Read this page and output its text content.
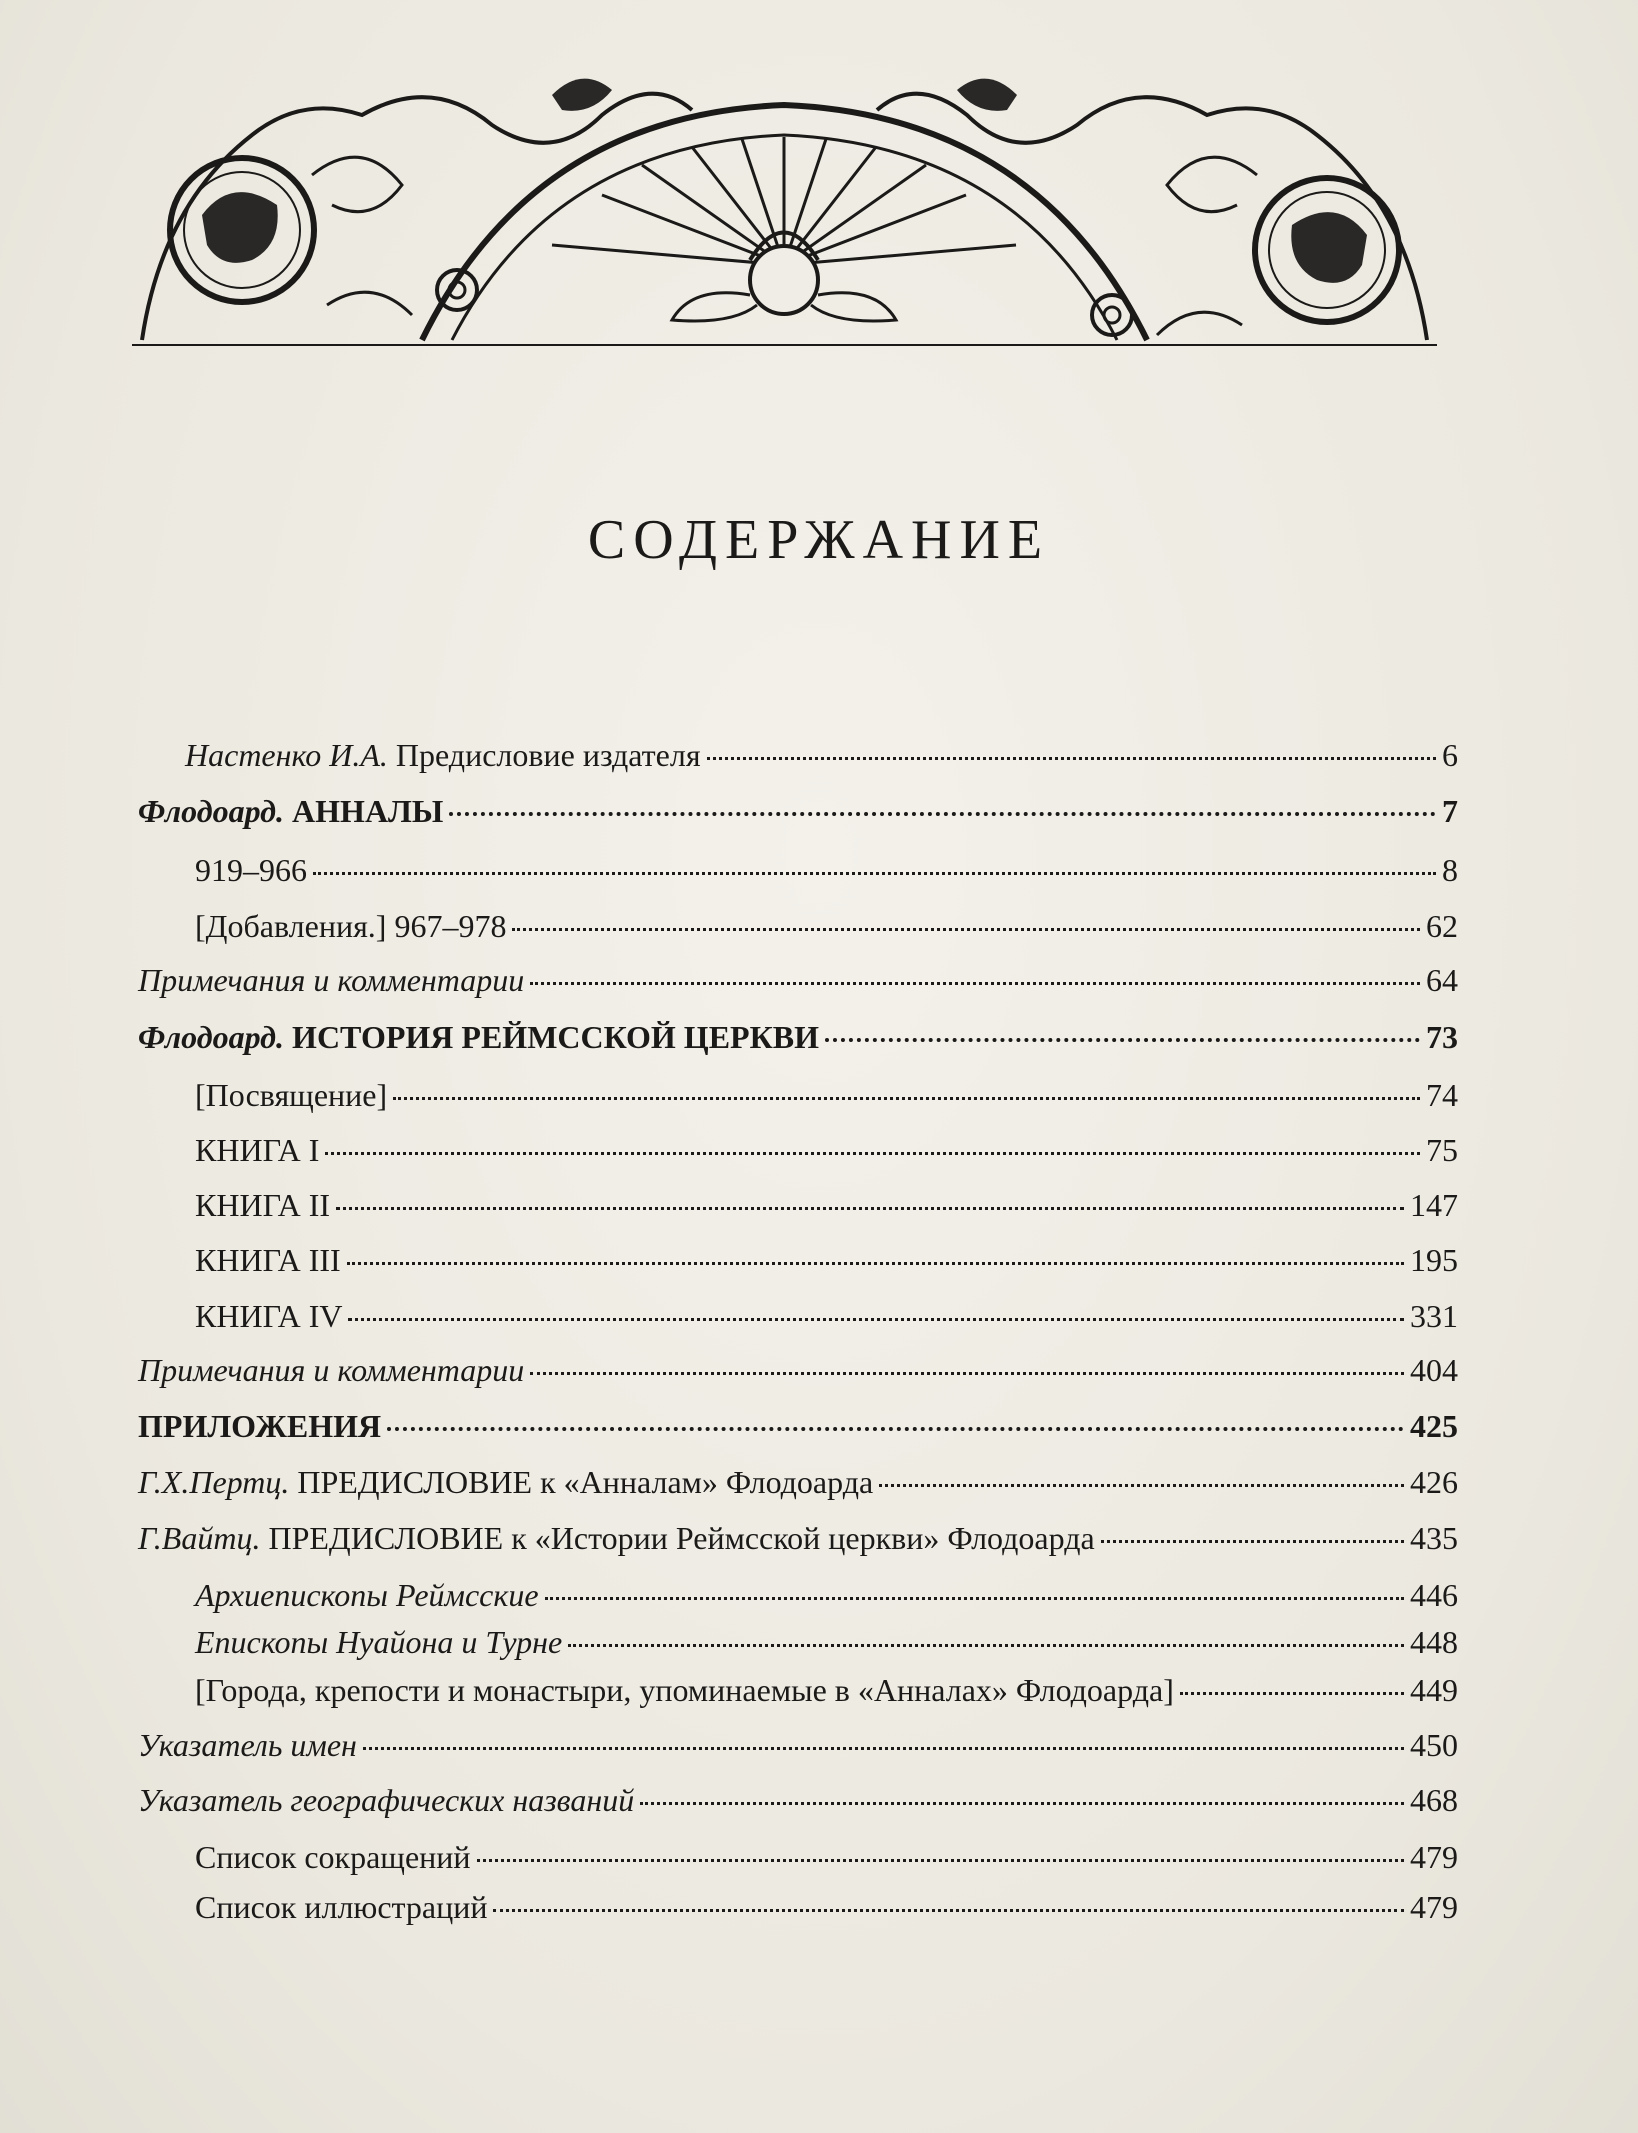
СОДЕРЖАНИЕ
Настенко И.А. Предисловие издателя	6
Флодоард. АННАЛЫ	7
919–966	8
[Добавления.] 967–978	62
Примечания и комментарии	64
Флодоард. ИСТОРИЯ РЕЙМССКОЙ ЦЕРКВИ	73
[Посвящение]	74
КНИГА I	75
КНИГА II	147
КНИГА III	195
КНИГА IV	331
Примечания и комментарии	404
ПРИЛОЖЕНИЯ	425
Г.Х.Пертц. ПРЕДИСЛОВИЕ к «Анналам» Флодоарда	426
Г.Вайтц. ПРЕДИСЛОВИЕ к «Истории Реймсской церкви» Флодоарда	435
Архиепископы Реймсские	446
Епископы Нуайона и Турне	448
[Города, крепости и монастыри, упоминаемые в «Анналах» Флодоарда]	449
Указатель имен	450
Указатель географических названий	468
Список сокращений	479
Список иллюстраций	479
